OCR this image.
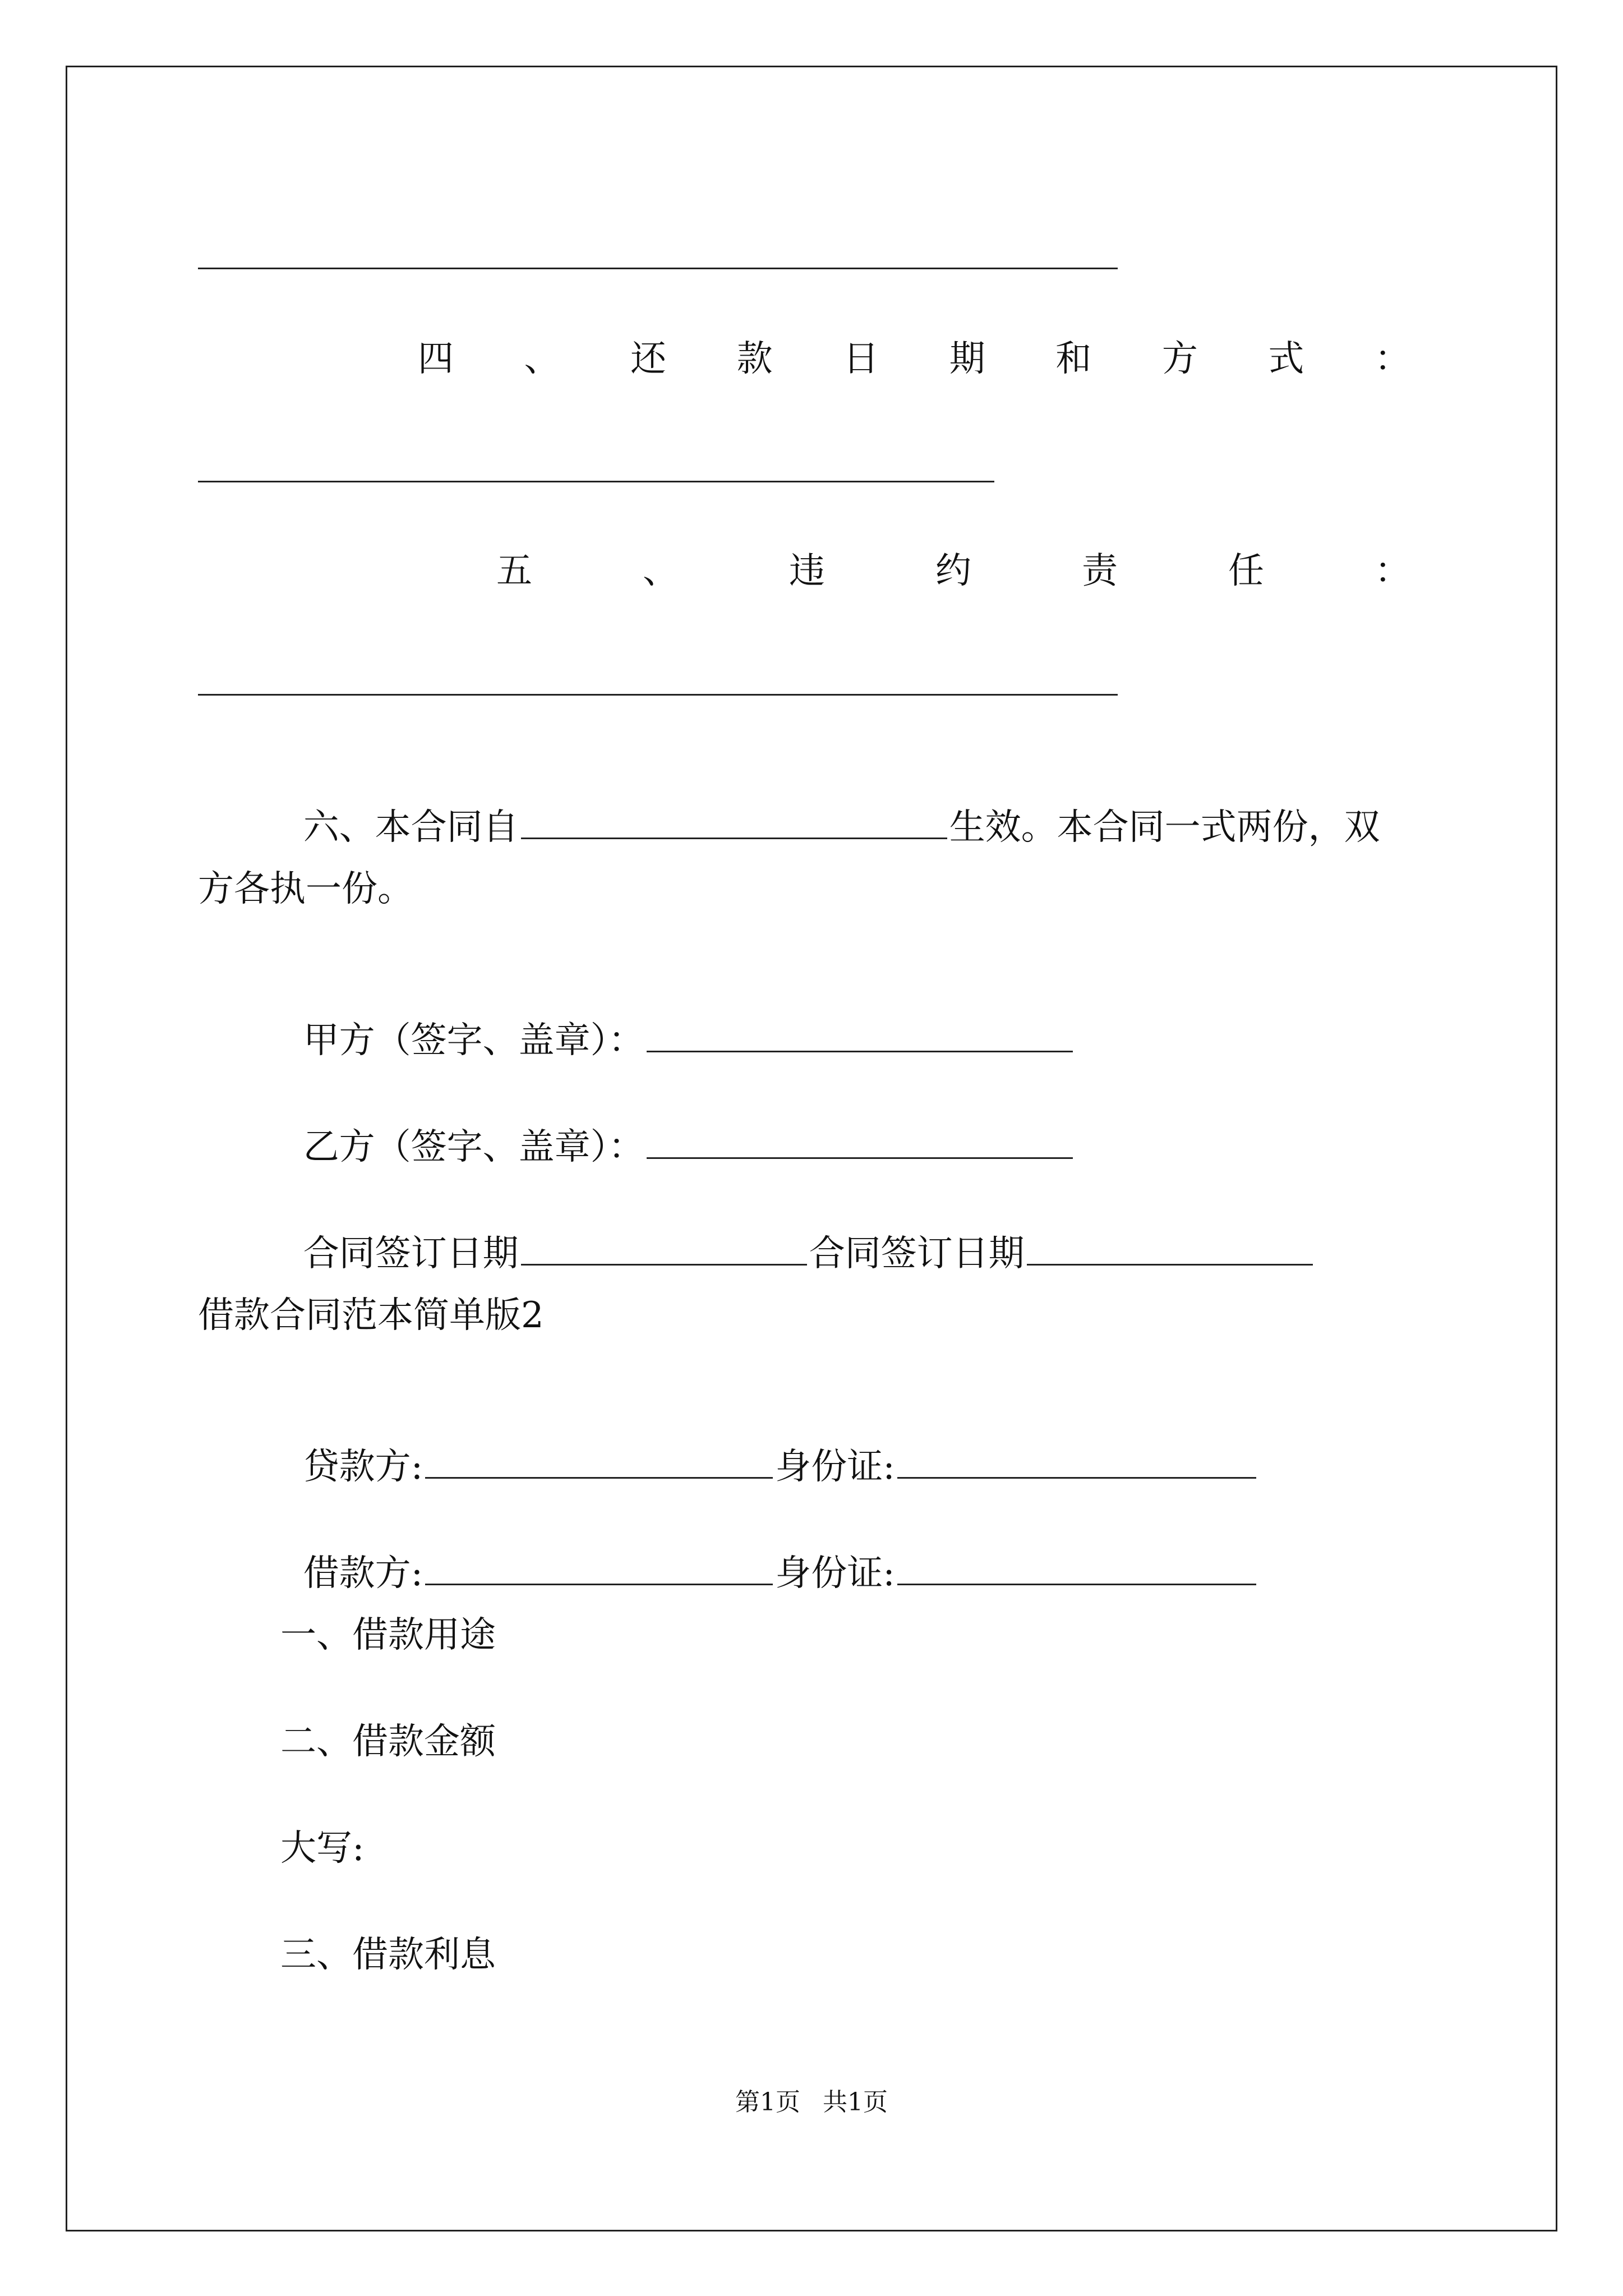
四 、 还 款 日 期 和 方 式 ：
五	、	违	约	责	任	：

六、本合同自	生效。本合同一式两份，双

方各执一份。

甲方（签字、盖章）：

乙方（签字、盖章）：

合同签订日期	合同签订日期

借款合同范本简单版2

贷款方:	身份证:

借款方:	身份证:

一、借款用途
二、借款金额
大写:
三、借款利息
第1页 共1页
